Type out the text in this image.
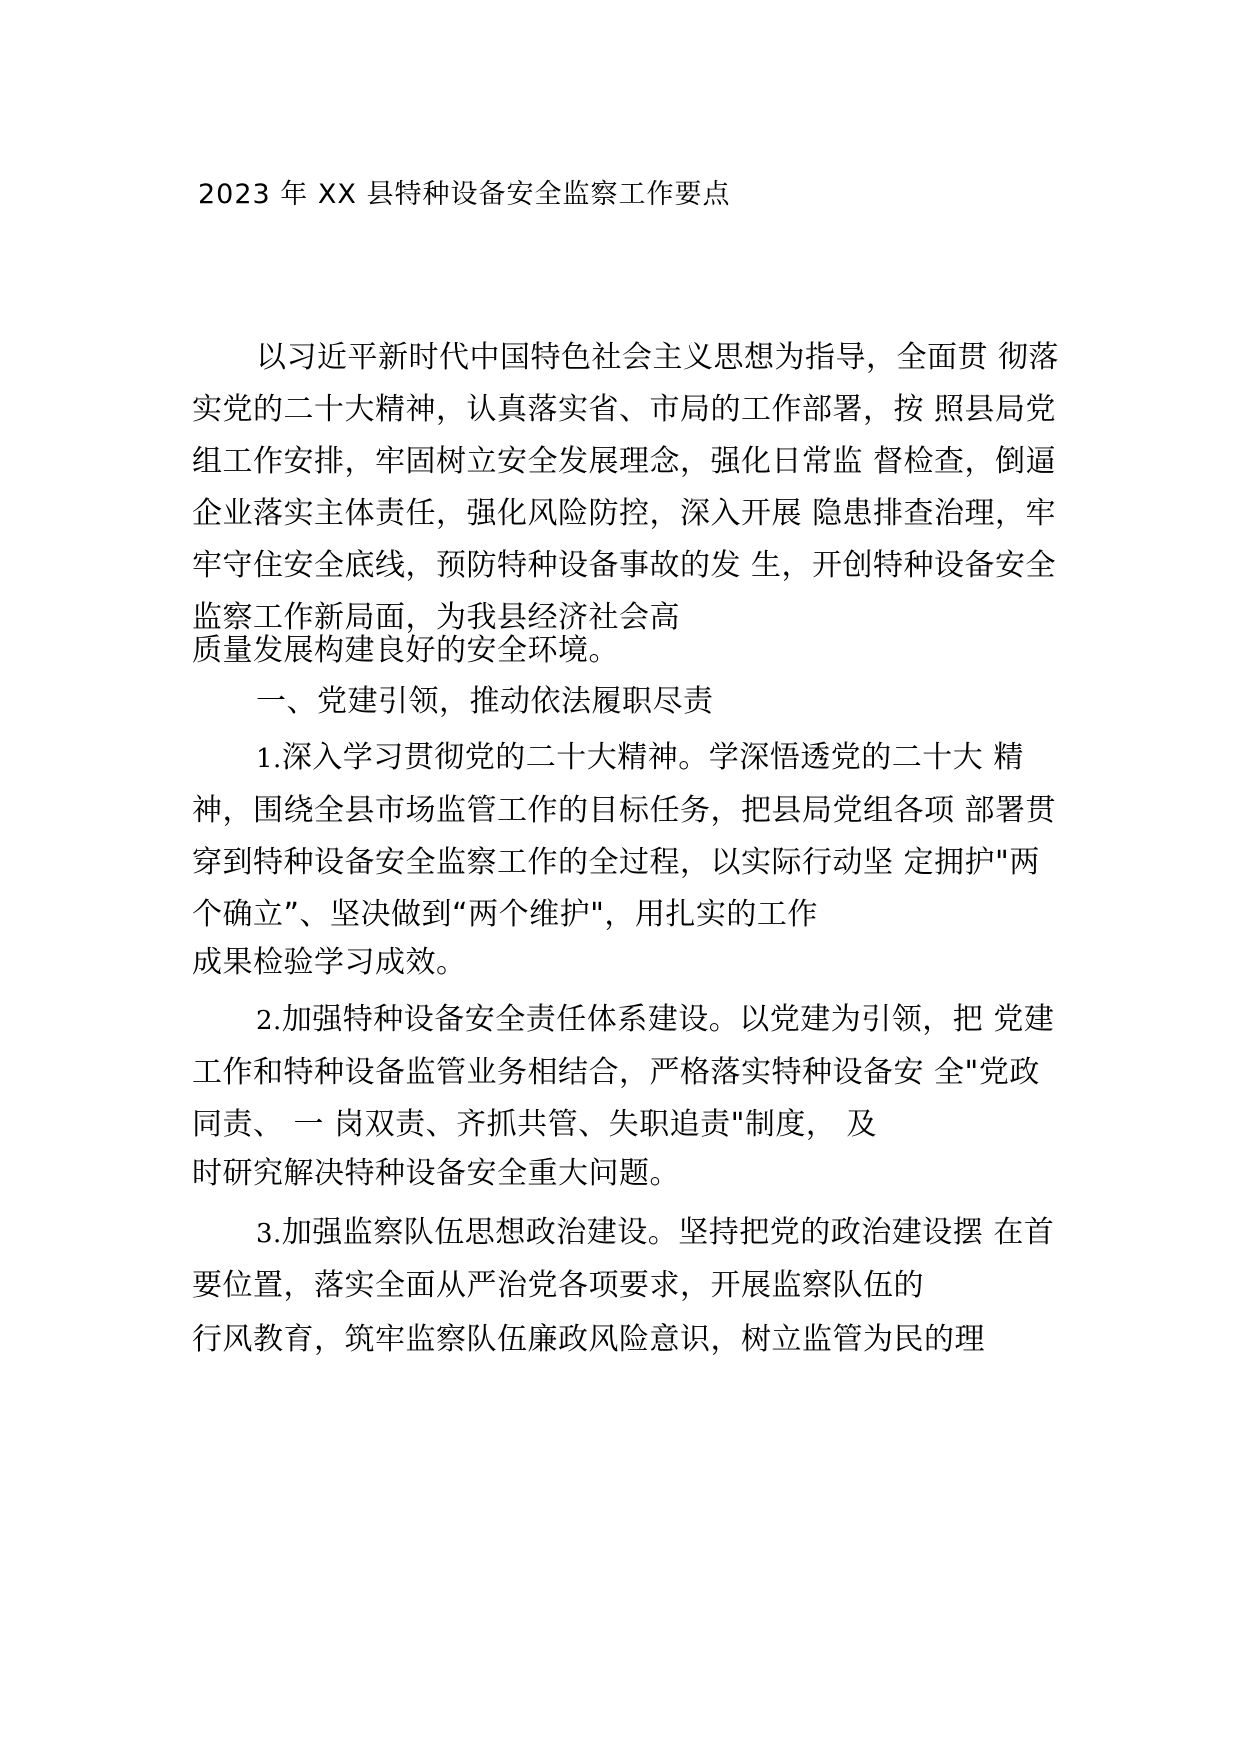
2023 年 XX 县特种设备安全监察工作要点
以习近平新时代中国特色社会主义思想为指导，全面贯 彻落
实党的二十大精神，认真落实省、市局的工作部署，按 照县局党
组工作安排，牢固树立安全发展理念，强化日常监 督检查，倒逼
企业落实主体责任，强化风险防控，深入开展 隐患排查治理，牢
牢守住安全底线，预防特种设备事故的发 生，开创特种设备安全
监察工作新局面，为我县经济社会高
质量发展构建良好的安全环境。
一、党建引领，推动依法履职尽责
1.深入学习贯彻党的二十大精神。学深悟透党的二十大 精
神，围绕全县市场监管工作的目标任务，把县局党组各项 部署贯
穿到特种设备安全监察工作的全过程，以实际行动坚 定拥护"两
个确立”、坚决做到“两个维护"，用扎实的工作
成果检验学习成效。
2.加强特种设备安全责任体系建设。以党建为引领，把 党建
工作和特种设备监管业务相结合，严格落实特种设备安 全"党政
同责、 一 岗双责、齐抓共管、失职追责"制度， 及
时研究解决特种设备安全重大问题。
3.加强监察队伍思想政治建设。坚持把党的政治建设摆 在首
要位置，落实全面从严治党各项要求，开展监察队伍的
行风教育，筑牢监察队伍廉政风险意识，树立监管为民的理
